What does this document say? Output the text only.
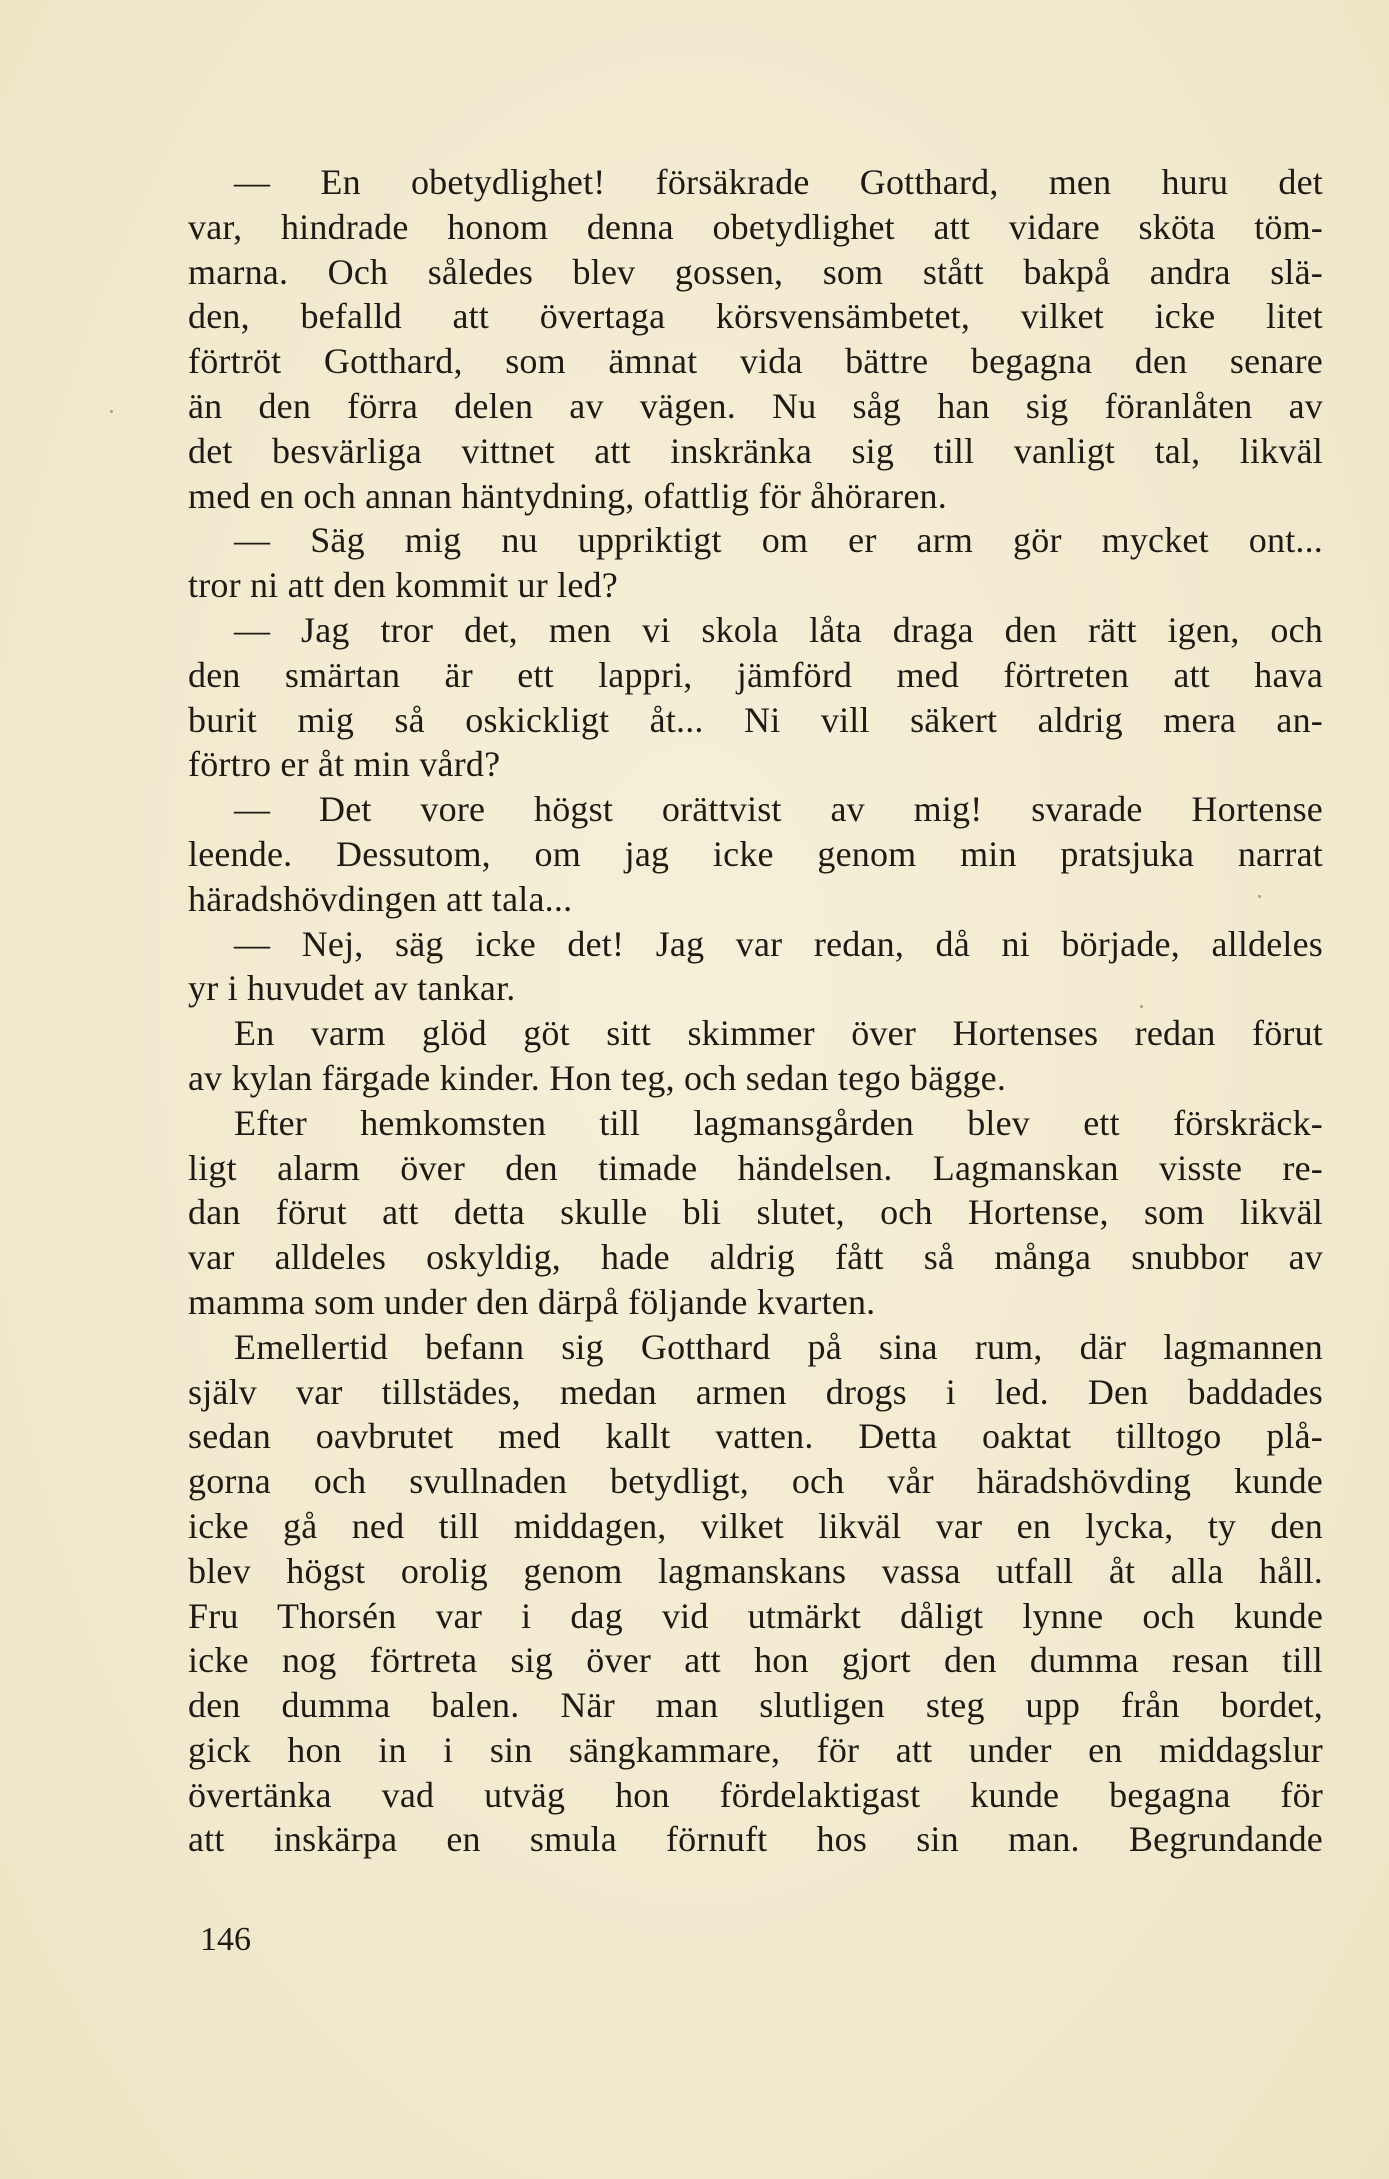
— En obetydlighet! försäkrade Gotthard, men huru det
var, hindrade honom denna obetydlighet att vidare sköta töm-
marna. Och således blev gossen, som stått bakpå andra slä-
den, befalld att övertaga körsvensämbetet, vilket icke litet
förtröt Gotthard, som ämnat vida bättre begagna den senare
än den förra delen av vägen. Nu såg han sig föranlåten av
det besvärliga vittnet att inskränka sig till vanligt tal, likväl
med en och annan häntydning, ofattlig för åhöraren.
— Säg mig nu uppriktigt om er arm gör mycket ont...
tror ni att den kommit ur led?
— Jag tror det, men vi skola låta draga den rätt igen, och
den smärtan är ett lappri, jämförd med förtreten att hava
burit mig så oskickligt åt... Ni vill säkert aldrig mera an-
förtro er åt min vård?
— Det vore högst orättvist av mig! svarade Hortense
leende. Dessutom, om jag icke genom min pratsjuka narrat
häradshövdingen att tala...
— Nej, säg icke det! Jag var redan, då ni började, alldeles
yr i huvudet av tankar.
En varm glöd göt sitt skimmer över Hortenses redan förut
av kylan färgade kinder. Hon teg, och sedan tego bägge.
Efter hemkomsten till lagmansgården blev ett förskräck-
ligt alarm över den timade händelsen. Lagmanskan visste re-
dan förut att detta skulle bli slutet, och Hortense, som likväl
var alldeles oskyldig, hade aldrig fått så många snubbor av
mamma som under den därpå följande kvarten.
Emellertid befann sig Gotthard på sina rum, där lagmannen
själv var tillstädes, medan armen drogs i led. Den baddades
sedan oavbrutet med kallt vatten. Detta oaktat tilltogo plå-
gorna och svullnaden betydligt, och vår häradshövding kunde
icke gå ned till middagen, vilket likväl var en lycka, ty den
blev högst orolig genom lagmanskans vassa utfall åt alla håll.
Fru Thorsén var i dag vid utmärkt dåligt lynne och kunde
icke nog förtreta sig över att hon gjort den dumma resan till
den dumma balen. När man slutligen steg upp från bordet,
gick hon in i sin sängkammare, för att under en middagslur
övertänka vad utväg hon fördelaktigast kunde begagna för
att inskärpa en smula förnuft hos sin man. Begrundande
146
